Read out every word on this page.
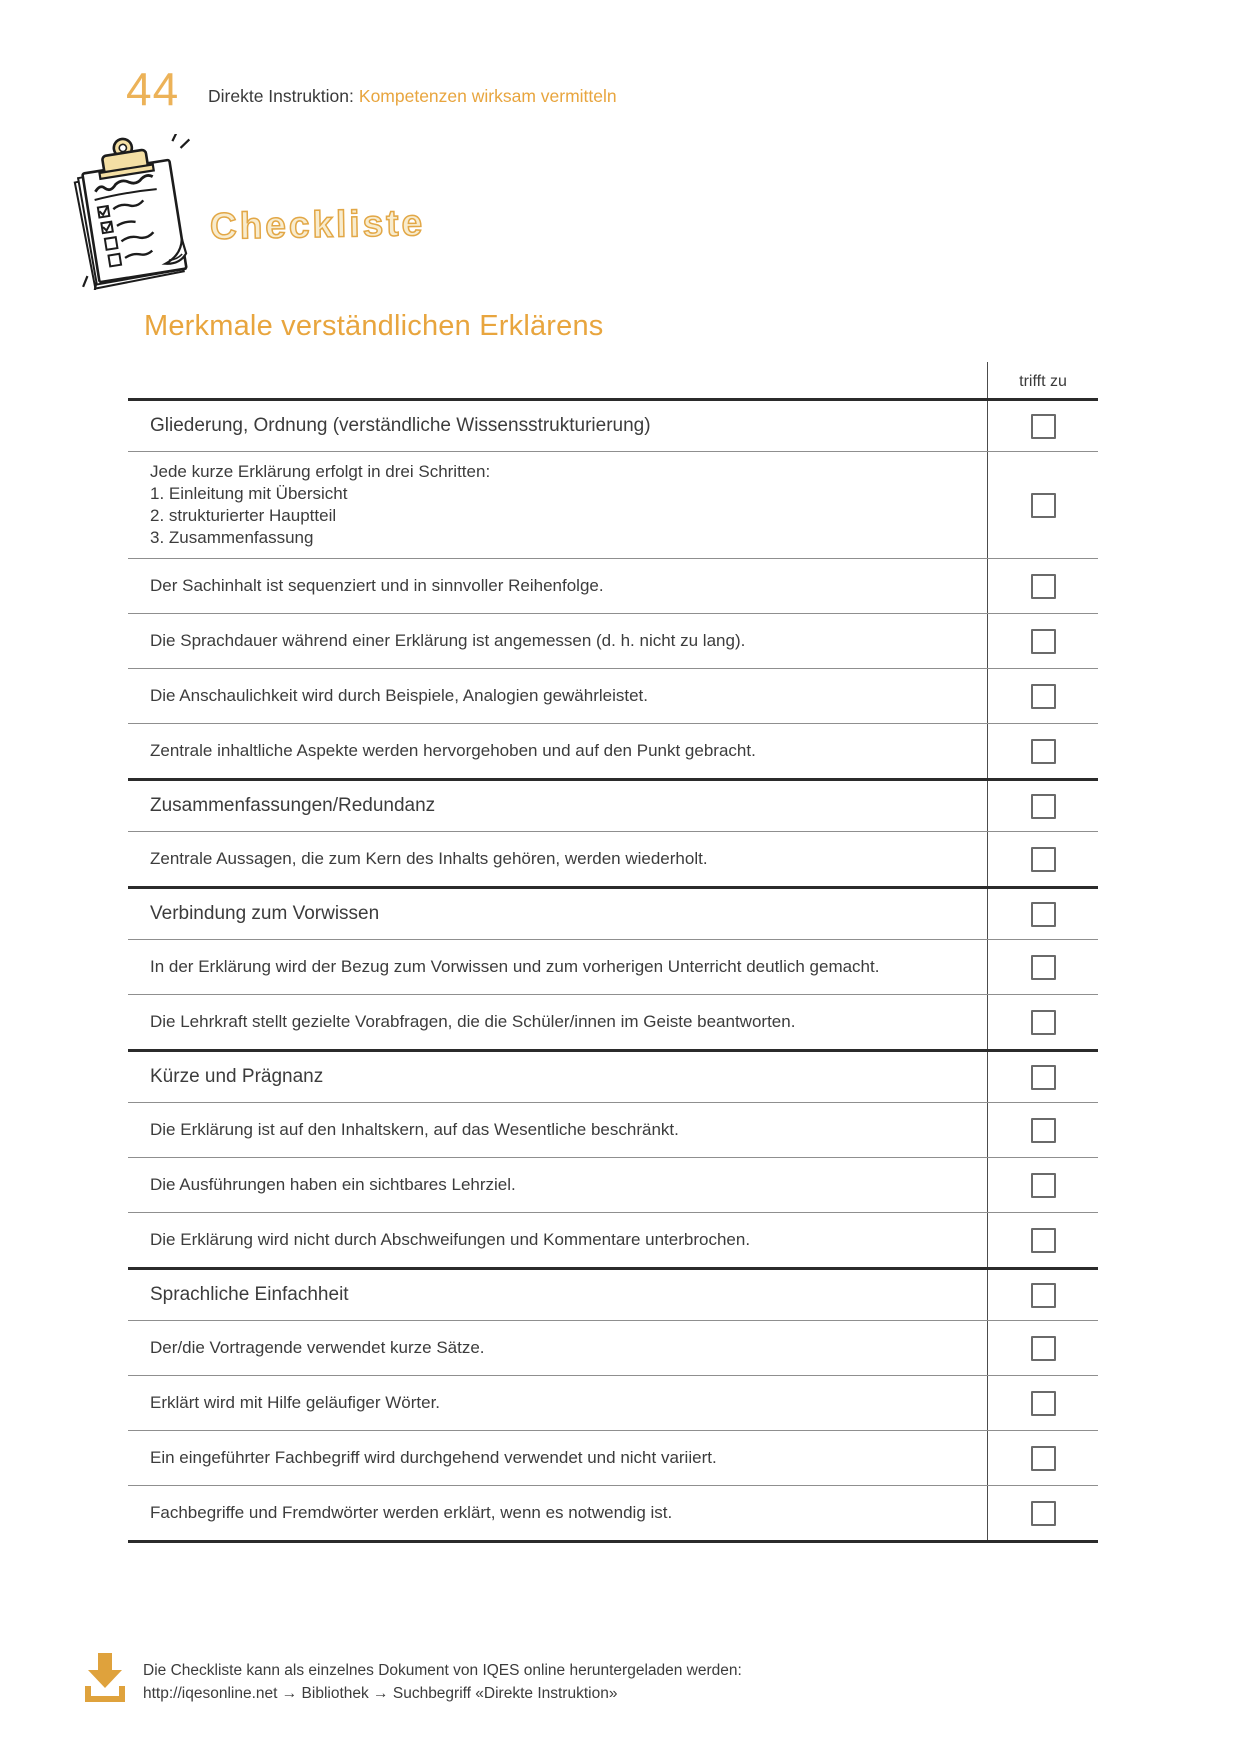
44 Direkte Instruktion: Kompetenzen wirksam vermitteln
Checkliste
Merkmale verständlichen Erklärens
trifft zu
Gliederung, Ordnung (verständliche Wissensstrukturierung)
Jede kurze Erklärung erfolgt in drei Schritten:
1. Einleitung mit Übersicht
2. strukturierter Hauptteil
3. Zusammenfassung
Der Sachinhalt ist sequenziert und in sinnvoller Reihenfolge.
Die Sprachdauer während einer Erklärung ist angemessen (d. h. nicht zu lang).
Die Anschaulichkeit wird durch Beispiele, Analogien gewährleistet.
Zentrale inhaltliche Aspekte werden hervorgehoben und auf den Punkt gebracht.
Zusammenfassungen/Redundanz
Zentrale Aussagen, die zum Kern des Inhalts gehören, werden wiederholt.
Verbindung zum Vorwissen
In der Erklärung wird der Bezug zum Vorwissen und zum vorherigen Unterricht deutlich gemacht.
Die Lehrkraft stellt gezielte Vorabfragen, die die Schüler/innen im Geiste beantworten.
Kürze und Prägnanz
Die Erklärung ist auf den Inhaltskern, auf das Wesentliche beschränkt.
Die Ausführungen haben ein sichtbares Lehrziel.
Die Erklärung wird nicht durch Abschweifungen und Kommentare unterbrochen.
Sprachliche Einfachheit
Der/die Vortragende verwendet kurze Sätze.
Erklärt wird mit Hilfe geläufiger Wörter.
Ein eingeführter Fachbegriff wird durchgehend verwendet und nicht variiert.
Fachbegriffe und Fremdwörter werden erklärt, wenn es notwendig ist.
Die Checkliste kann als einzelnes Dokument von IQES online heruntergeladen werden:
http://iqesonline.net → Bibliothek → Suchbegriff «Direkte Instruktion»
